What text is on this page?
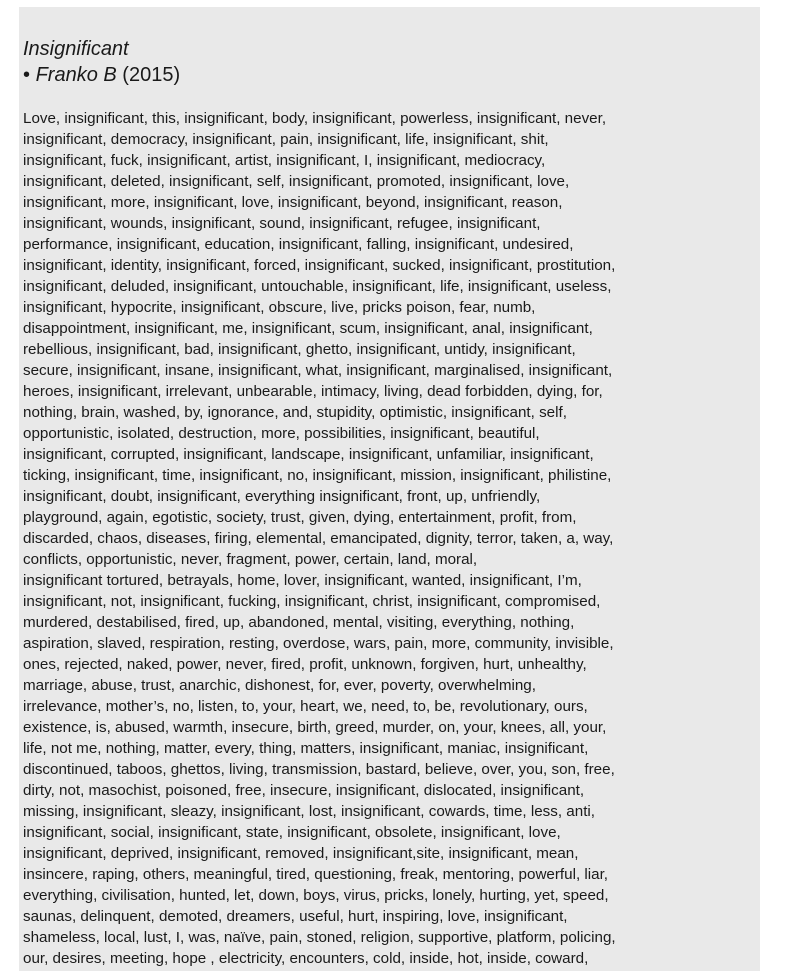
Insignificant
• Franko B (2015)
Love, insignificant, this, insignificant, body, insignificant, powerless, insignificant, never,
insignificant, democracy, insignificant, pain, insignificant, life, insignificant, shit,
insignificant, fuck, insignificant, artist, insignificant, I, insignificant, mediocracy,
insignificant, deleted, insignificant, self, insignificant, promoted, insignificant, love,
insignificant, more, insignificant, love, insignificant, beyond, insignificant, reason,
insignificant, wounds, insignificant, sound, insignificant, refugee, insignificant,
performance, insignificant, education, insignificant, falling, insignificant, undesired,
insignificant, identity, insignificant, forced, insignificant, sucked, insignificant, prostitution,
insignificant, deluded, insignificant, untouchable, insignificant, life, insignificant, useless,
insignificant, hypocrite, insignificant, obscure, live, pricks poison, fear, numb,
disappointment, insignificant, me, insignificant, scum, insignificant, anal, insignificant,
rebellious, insignificant, bad, insignificant, ghetto, insignificant, untidy, insignificant,
secure, insignificant, insane, insignificant, what, insignificant, marginalised, insignificant,
heroes, insignificant, irrelevant, unbearable, intimacy, living, dead forbidden, dying, for,
nothing, brain, washed, by, ignorance, and, stupidity, optimistic, insignificant, self,
opportunistic, isolated, destruction, more, possibilities, insignificant, beautiful,
insignificant, corrupted, insignificant, landscape, insignificant, unfamiliar, insignificant,
ticking, insignificant, time, insignificant, no, insignificant, mission, insignificant, philistine,
insignificant, doubt, insignificant, everything insignificant, front, up, unfriendly,
playground, again, egotistic, society, trust, given, dying, entertainment, profit, from,
discarded, chaos, diseases, firing, elemental, emancipated, dignity, terror, taken, a, way,
conflicts, opportunistic, never, fragment, power, certain, land, moral,
insignificant tortured, betrayals, home, lover, insignificant, wanted, insignificant, I’m,
insignificant, not, insignificant, fucking, insignificant, christ, insignificant, compromised,
murdered, destabilised, fired, up, abandoned, mental, visiting, everything, nothing,
aspiration, slaved, respiration, resting, overdose, wars, pain, more, community, invisible,
ones, rejected, naked, power, never, fired, profit, unknown, forgiven, hurt, unhealthy,
marriage, abuse, trust, anarchic, dishonest, for, ever, poverty, overwhelming,
irrelevance, mother’s, no, listen, to, your, heart, we, need, to, be, revolutionary, ours,
existence, is, abused, warmth, insecure, birth, greed, murder, on, your, knees, all, your,
life, not me, nothing, matter, every, thing, matters, insignificant, maniac, insignificant,
discontinued, taboos, ghettos, living, transmission, bastard, believe, over, you, son, free,
dirty, not, masochist, poisoned, free, insecure, insignificant, dislocated, insignificant,
missing, insignificant, sleazy, insignificant, lost, insignificant, cowards, time, less, anti,
insignificant, social, insignificant, state, insignificant, obsolete, insignificant, love,
insignificant, deprived, insignificant, removed, insignificant,site, insignificant, mean,
insincere, raping, others, meaningful, tired, questioning, freak, mentoring, powerful, liar,
everything, civilisation, hunted, let, down, boys, virus, pricks, lonely, hurting, yet, speed,
saunas, delinquent, demoted, dreamers, useful, hurt, inspiring, love, insignificant,
shameless, local, lust, I, was, naïve, pain, stoned, religion, supportive, platform, policing,
our, desires, meeting, hope , electricity, encounters, cold, inside, hot, inside, coward,
